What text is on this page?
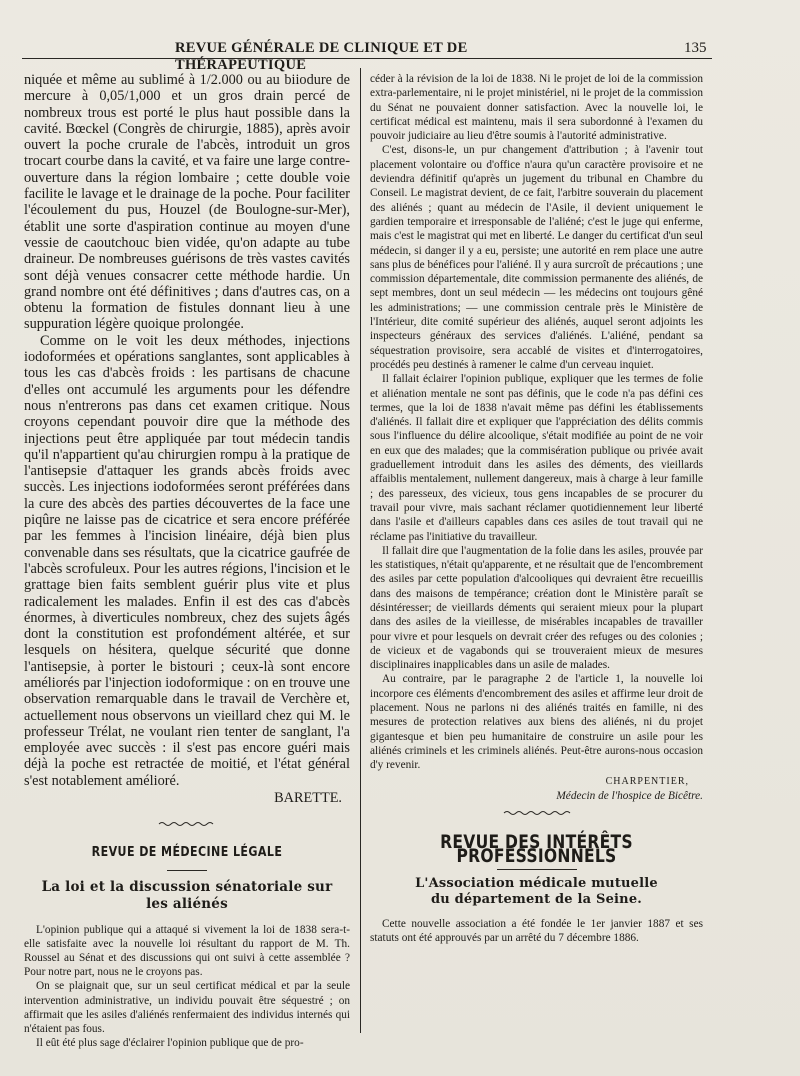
REVUE GÉNÉRALE DE CLINIQUE ET DE THÉRAPEUTIQUE
135

niquée et même au sublimé à 1/2.000 ou au biiodure de mercure à 0,05/1,000 et un gros drain percé de nombreux trous est porté le plus haut possible dans la cavité. Bœckel (Congrès de chirurgie, 1885), après avoir ouvert la poche crurale de l'abcès, introduit un gros trocart courbe dans la cavité, et va faire une large contre-ouverture dans la région lombaire ; cette double voie facilite le lavage et le drainage de la poche. Pour faciliter l'écoulement du pus, Houzel (de Boulogne-sur-Mer), établit une sorte d'aspiration continue au moyen d'une vessie de caoutchouc bien vidée, qu'on adapte au tube draineur. De nombreuses guérisons de très vastes cavités sont déjà venues consacrer cette méthode hardie. Un grand nombre ont été définitives ; dans d'autres cas, on a obtenu la formation de fistules donnant lieu à une suppuration légère quoique prolongée.

Comme on le voit les deux méthodes, injections iodoformées et opérations sanglantes, sont applicables à tous les cas d'abcès froids : les partisans de chacune d'elles ont accumulé les arguments pour les défendre nous n'entrerons pas dans cet examen critique. Nous croyons cependant pouvoir dire que la méthode des injections peut être appliquée par tout médecin tandis qu'il n'appartient qu'au chirurgien rompu à la pratique de l'antisepsie d'attaquer les grands abcès froids avec succès. Les injections iodoformées seront préférées dans la cure des abcès des parties découvertes de la face une piqûre ne laisse pas de cicatrice et sera encore préférée par les femmes à l'incision linéaire, déjà bien plus convenable dans ses résultats, que la cicatrice gaufrée de l'abcès scrofuleux. Pour les autres régions, l'incision et le grattage bien faits semblent guérir plus vite et plus radicalement les malades. Enfin il est des cas d'abcès énormes, à diverticules nombreux, chez des sujets âgés dont la constitution est profondément altérée, et sur lesquels on hésitera, quelque sécurité que donne l'antisepsie, à porter le bistouri ; ceux-là sont encore améliorés par l'injection iodoformique : on en trouve une observation remarquable dans le travail de Verchère et, actuellement nous observons un vieillard chez qui M. le professeur Trélat, ne voulant rien tenter de sanglant, l'a employée avec succès : il s'est pas encore guéri mais déjà la poche est retractée de moitié, et l'état général s'est notablement amélioré.

BARETTE.

REVUE DE MÉDECINE LÉGALE
La loi et la discussion sénatoriale sur
les aliénés

L'opinion publique qui a attaqué si vivement la loi de 1838 sera-t-elle satisfaite avec la nouvelle loi résultant du rapport de M. Th. Roussel au Sénat et des discussions qui ont suivi à cette assemblée ? Pour notre part, nous ne le croyons pas.

On se plaignait que, sur un seul certificat médical et par la seule intervention administrative, un individu pouvait être séquestré ; on affirmait que les asiles d'aliénés renfermaient des individus internés qui n'étaient pas fous.

Il eût été plus sage d'éclairer l'opinion publique que de pro-

céder à la révision de la loi de 1838. Ni le projet de loi de la commission extra-parlementaire, ni le projet ministériel, ni le projet de la commission du Sénat ne pouvaient donner satisfaction. Avec la nouvelle loi, le certificat médical est maintenu, mais il sera subordonné à l'examen du pouvoir judiciaire au lieu d'être soumis à l'autorité administrative.

C'est, disons-le, un pur changement d'attribution ; à l'avenir tout placement volontaire ou d'office n'aura qu'un caractère provisoire et ne deviendra définitif qu'après un jugement du tribunal en Chambre du Conseil. Le magistrat devient, de ce fait, l'arbitre souverain du placement des aliénés ; quant au médecin de l'Asile, il devient uniquement le gardien temporaire et irresponsable de l'aliéné; c'est le juge qui enferme, mais c'est le magistrat qui met en liberté. Le danger du certificat d'un seul médecin, si danger il y a eu, persiste; une autorité en rem place une autre sans plus de bénéfices pour l'aliéné. Il y aura surcroît de précautions ; une commission départementale, dite commission permanente des aliénés, de sept membres, dont un seul médecin — les médecins ont toujours gêné les administrations; — une commission centrale près le Ministère de l'Intérieur, dite comité supérieur des aliénés, auquel seront adjoints les inspecteurs généraux des services d'aliénés. L'aliéné, pendant sa séquestration provisoire, sera accablé de visites et d'interrogatoires, procédés peu destinés à ramener le calme d'un cerveau inquiet.

Il fallait éclairer l'opinion publique, expliquer que les termes de folie et aliénation mentale ne sont pas définis, que le code n'a pas défini ces termes, que la loi de 1838 n'avait même pas défini les établissements d'aliénés. Il fallait dire et expliquer que l'appréciation des délits commis sous l'influence du délire alcoolique, s'était modifiée au point de ne voir en eux que des malades; que la commisération publique ou privée avait graduellement introduit dans les asiles des déments, des vieillards affaiblis mentalement, nullement dangereux, mais à charge à leur famille ; des paresseux, des vicieux, tous gens incapables de se procurer du travail pour vivre, mais sachant réclamer quotidiennement leur liberté dans l'asile et d'ailleurs capables dans ces asiles de tout travail qui ne réclame pas l'initiative du travailleur.

Il fallait dire que l'augmentation de la folie dans les asiles, prouvée par les statistiques, n'était qu'apparente, et ne résultait que de l'encombrement des asiles par cette population d'alcooliques qui devraient être recueillis dans des maisons de tempérance; création dont le Ministère paraît se désintéresser; de vieillards déments qui seraient mieux pour la plupart dans des asiles de la vieillesse, de misérables incapables de travailler pour vivre et pour lesquels on devrait créer des refuges ou des colonies ; de vicieux et de vagabonds qui se trouveraient mieux de mesures disciplinaires inapplicables dans un asile de malades.

Au contraire, par le paragraphe 2 de l'article 1, la nouvelle loi incorpore ces éléments d'encombrement des asiles et affirme leur droit de placement. Nous ne parlons ni des aliénés traités en famille, ni des mesures de protection relatives aux biens des aliénés, ni du projet gigantesque et bien peu humanitaire de construire un asile pour les aliénés criminels et les criminels aliénés. Peut-être aurons-nous occasion d'y revenir.

CHARPENTIER,
Médecin de l'hospice de Bicêtre.
REVUE DES INTÉRÊTS PROFESSIONNELS
L'Association médicale mutuelle
du département de la Seine.

Cette nouvelle association a été fondée le 1er janvier 1887 et ses statuts ont été approuvés par un arrêté du 7 décembre 1886.
